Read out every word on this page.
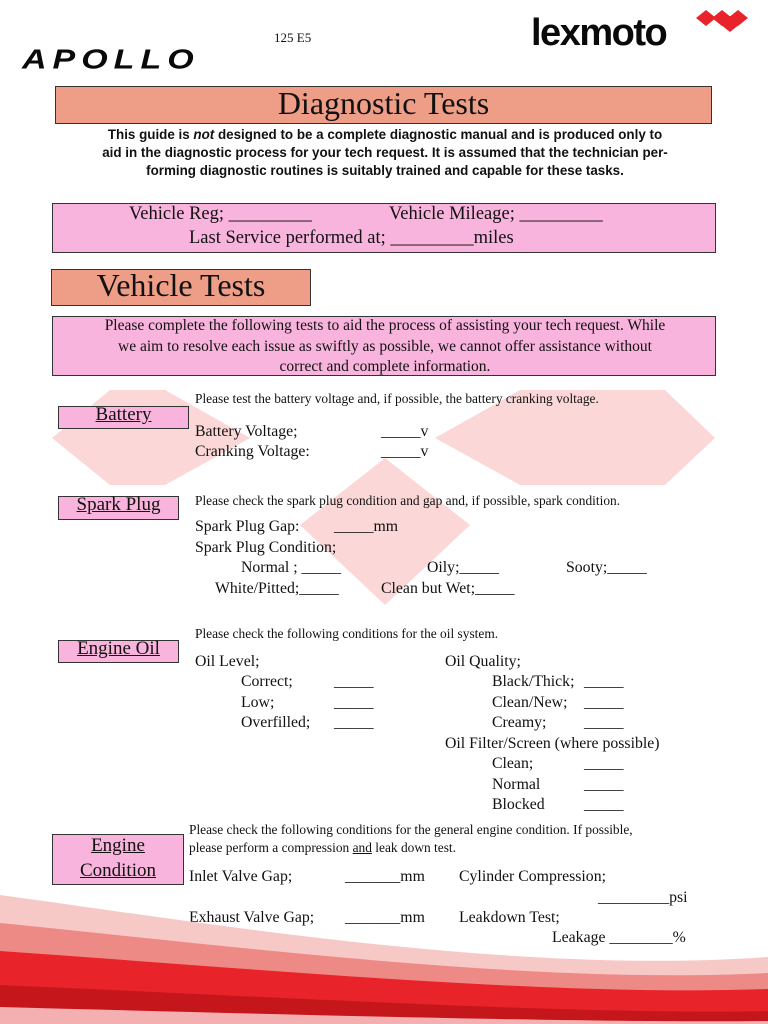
APOLLO
125 E5	lexmoto
Diagnostic Tests
This guide is not designed to be a complete diagnostic manual and is produced only to
aid in the diagnostic process for your tech request. It is assumed that the technician per-
forming diagnostic routines is suitably trained and capable for these tasks.
Vehicle Reg; _________	Vehicle Mileage; _________
Last Service performed at; _________miles
Vehicle Tests
Please complete the following tests to aid the process of assisting your tech request. While
we aim to resolve each issue as swiftly as possible, we cannot offer assistance without
correct and complete information.
Battery
Please test the battery voltage and, if possible, the battery cranking voltage.
Battery Voltage;	_____v
Cranking Voltage:	_____v
Spark Plug	Please check the spark plug condition and gap and, if possible, spark condition.
Spark Plug Gap: _____mm
Spark Plug Condition;
Normal ; _____	Oily;_____	Sooty;_____
White/Pitted;_____	Clean but Wet;_____
Engine Oil
Please check the following conditions for the oil system.
Oil Level;
Correct;	_____
Low;	_____
Overfilled; _____
Oil Quality;
Black/Thick; _____
Clean/New; _____
Creamy; _____
Oil Filter/Screen (where possible)
Clean;	_____
Normal	_____
Blocked _____
Engine
Condition
Please check the following conditions for the general engine condition. If possible,
please perform a compression and leak down test.
Inlet Valve Gap;	_______mm Cylinder Compression;
_________psi
Exhaust Valve Gap; _______mm Leakdown Test;
Leakage ________%
